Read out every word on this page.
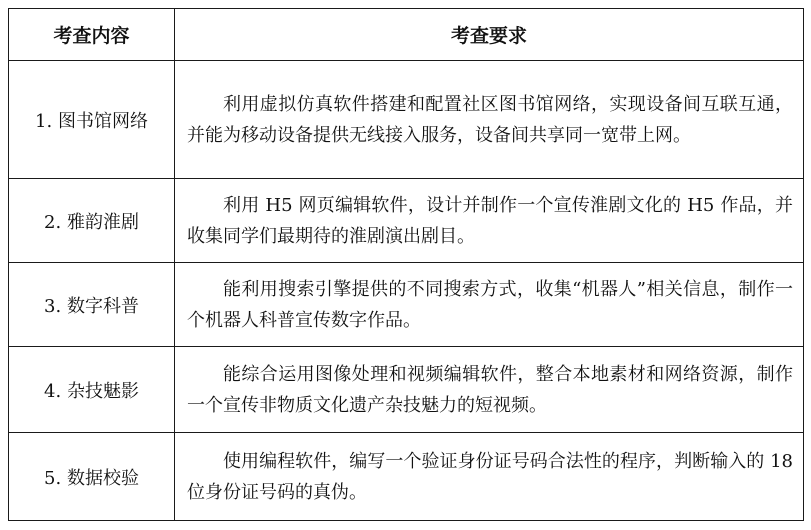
考查内容	考查要求
1. 图书馆网络	利用虚拟仿真软件搭建和配置社区图书馆网络，实现设备间互联互通，并能为移动设备提供无线接入服务，设备间共享同一宽带上网。
2. 雅韵淮剧	利用 H5 网页编辑软件，设计并制作一个宣传淮剧文化的 H5 作品，并收集同学们最期待的淮剧演出剧目。
3. 数字科普	能利用搜索引擎提供的不同搜索方式，收集“机器人”相关信息，制作一个机器人科普宣传数字作品。
4. 杂技魅影	能综合运用图像处理和视频编辑软件，整合本地素材和网络资源，制作一个宣传非物质文化遗产杂技魅力的短视频。
5. 数据校验	使用编程软件，编写一个验证身份证号码合法性的程序，判断输入的 18 位身份证号码的真伪。
